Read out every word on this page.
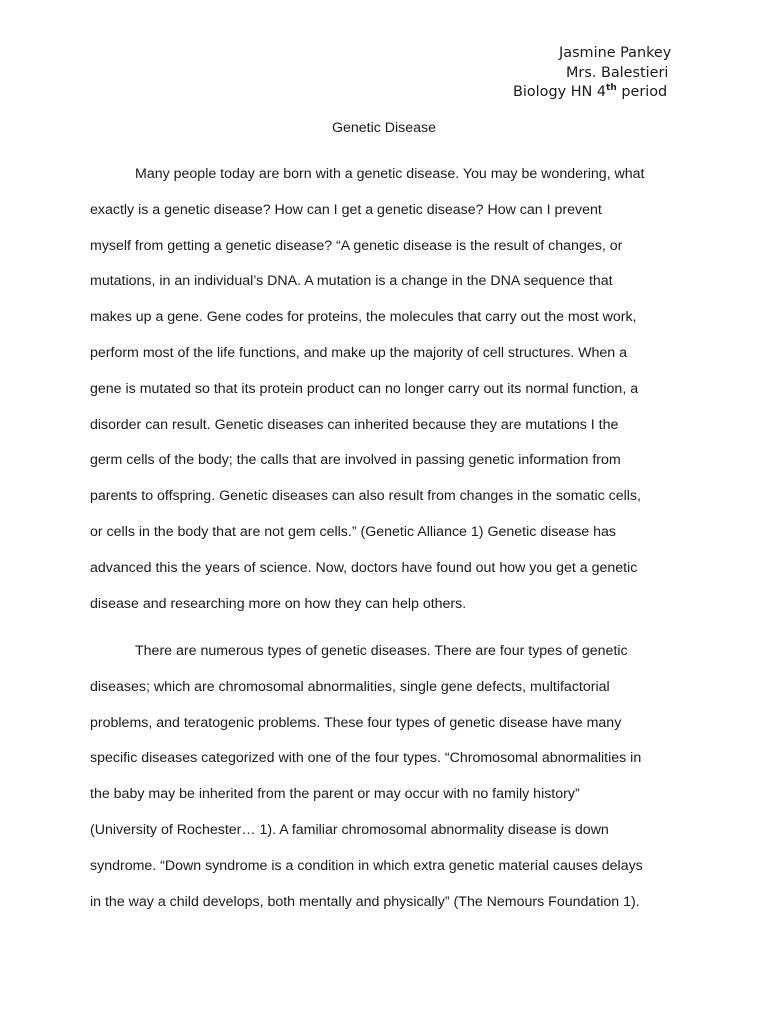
Jasmine Pankey
Mrs. Balestieri
Biology HN 4th period
Genetic Disease

Many people today are born with a genetic disease. You may be wondering, what
exactly is a genetic disease? How can I get a genetic disease? How can I prevent
myself from getting a genetic disease? “A genetic disease is the result of changes, or
mutations, in an individual’s DNA. A mutation is a change in the DNA sequence that
makes up a gene. Gene codes for proteins, the molecules that carry out the most work,
perform most of the life functions, and make up the majority of cell structures. When a
gene is mutated so that its protein product can no longer carry out its normal function, a
disorder can result. Genetic diseases can inherited because they are mutations I the
germ cells of the body; the calls that are involved in passing genetic information from
parents to offspring. Genetic diseases can also result from changes in the somatic cells,
or cells in the body that are not gem cells.” (Genetic Alliance 1) Genetic disease has
advanced this the years of science. Now, doctors have found out how you get a genetic
disease and researching more on how they can help others.

There are numerous types of genetic diseases. There are four types of genetic
diseases; which are chromosomal abnormalities, single gene defects, multifactorial
problems, and teratogenic problems. These four types of genetic disease have many
specific diseases categorized with one of the four types. “Chromosomal abnormalities in
the baby may be inherited from the parent or may occur with no family history”
(University of Rochester… 1). A familiar chromosomal abnormality disease is down
syndrome. “Down syndrome is a condition in which extra genetic material causes delays
in the way a child develops, both mentally and physically” (The Nemours Foundation 1).
